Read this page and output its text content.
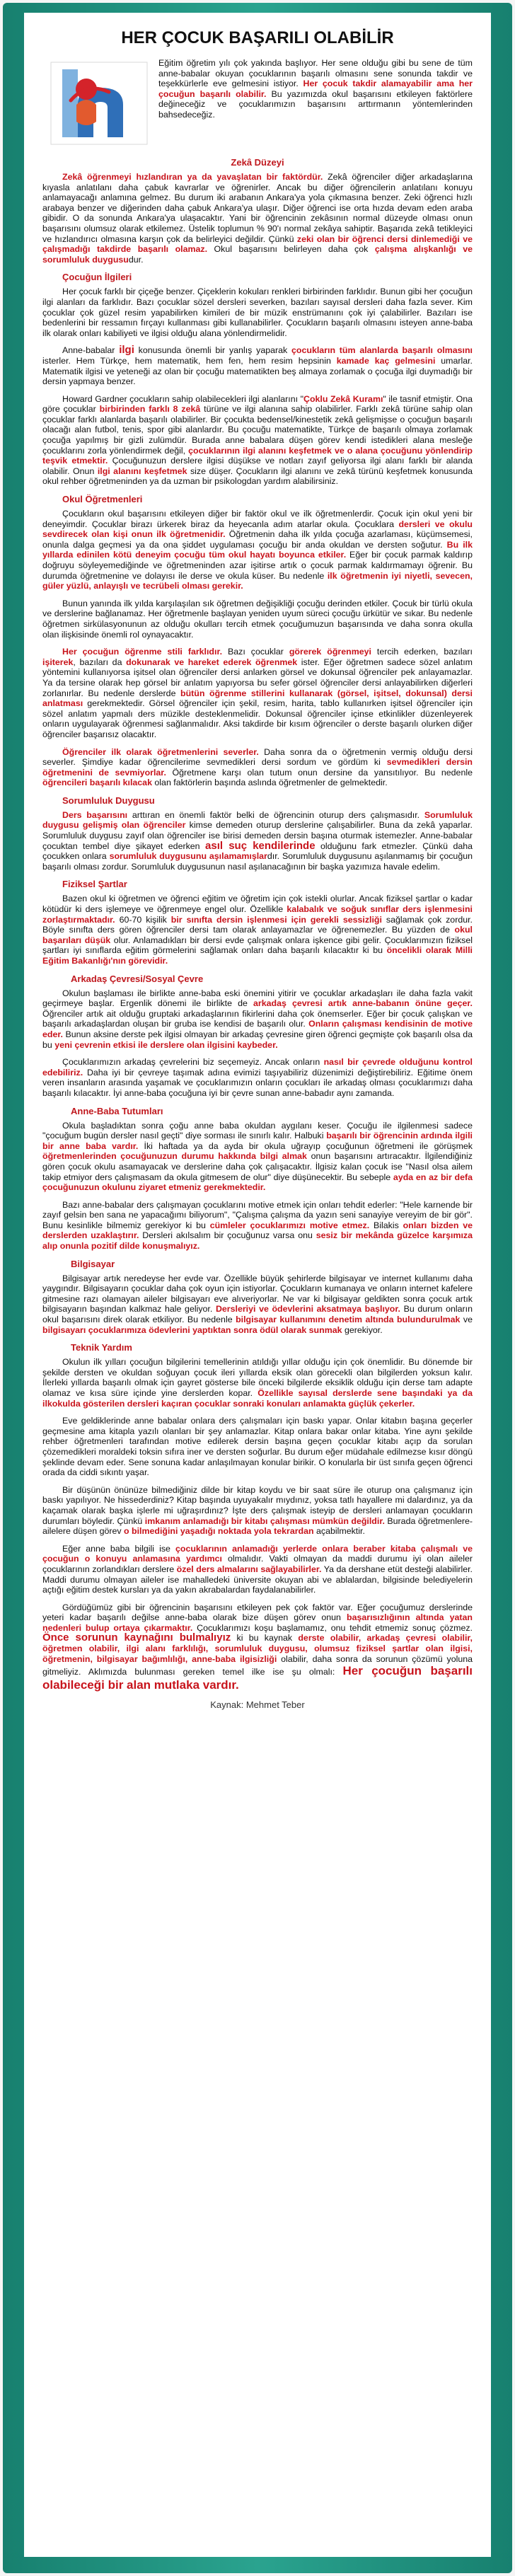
HER ÇOCUK BAŞARILI OLABİLİR

Eğitim öğretim yılı çok yakında başlıyor. Her sene olduğu gibi bu sene de tüm anne-babalar okuyan çocuklarının başarılı olmasını sene sonunda takdir ve teşekkürlerle eve gelmesini istiyor. Her çocuk takdir alamayabilir ama her çocuğun başarılı olabilir. Bu yazımızda okul başarısını etkileyen faktörlere değineceğiz ve çocuklarımızın başarısını arttırmanın yöntemlerinden bahsedeceğiz.

Zekâ Düzeyi

Zekâ öğrenmeyi hızlandıran ya da yavaşlatan bir faktördür. Zekâ öğrenciler diğer arkadaşlarına kıyasla anlatılanı daha çabuk kavrarlar ve öğrenirler. Ancak bu diğer öğrencilerin anlatılanı konuyu anlamayacağı anlamına gelmez. Bu durum iki arabanın Ankara'ya yola çıkmasına benzer. Zeki öğrenci hızlı arabaya benzer ve diğerinden daha çabuk Ankara'ya ulaşır. Diğer öğrenci ise orta hızda devam eden araba gibidir. O da sonunda Ankara'ya ulaşacaktır. Yani bir öğrencinin zekâsının normal düzeyde olması onun başarısını olumsuz olarak etkilemez. Üstelik toplumun % 90'ı normal zekâya sahiptir. Başarıda zekâ tetikleyici ve hızlandırıcı olmasına karşın çok da belirleyici değildir. Çünkü zeki olan bir öğrenci dersi dinlemediği ve çalışmadığı takdirde başarılı olamaz. Okul başarısını belirleyen daha çok çalışma alışkanlığı ve sorumluluk duygusudur.

Çocuğun İlgileri

Her çocuk farklı bir çiçeğe benzer. Çiçeklerin kokuları renkleri birbirinden farklıdır. Bunun gibi her çocuğun ilgi alanları da farklıdır. Bazı çocuklar sözel dersleri severken, bazıları sayısal dersleri daha fazla sever. Kim çocuklar çok güzel resim yapabilirken kimileri de bir müzik enstrümanını çok iyi çalabilirler. Bazıları ise bedenlerini bir ressamın fırçayı kullanması gibi kullanabilirler. Çocukların başarılı olmasını isteyen anne-baba ilk olarak onları kabiliyeti ve ilgisi olduğu alana yönlendirmelidir.

Anne-babalar ilgi konusunda önemli bir yanlış yaparak çocukların tüm alanlarda başarılı olmasını isterler. Hem Türkçe, hem matematik, hem fen, hem resim hepsinin kamade kaç gelmesini umarlar. Matematik ilgisi ve yeteneği az olan bir çocuğu matematikten beş almaya zorlamak o çocuğa ilgi duymadığı bir dersin yapmaya benzer.

Howard Gardner çocukların sahip olabilecekleri ilgi alanlarını "Çoklu Zekâ Kuramı" ile tasnif etmiştir. Ona göre çocuklar birbirinden farklı 8 zekâ türüne ve ilgi alanına sahip olabilirler. Farklı zekâ türüne sahip olan çocuklar farklı alanlarda başarılı olabilirler. Bir çocukta bedensel/kinestetik zekâ gelişmişse o çocuğun başarılı olacağı alan futbol, tenis, spor gibi alanlardır. Bu çocuğu matematikte, Türkçe de başarılı olmaya zorlamak çocuğa yapılmış bir gizli zulümdür. Burada anne babalara düşen görev kendi istedikleri alana mesleğe çocuklarını zorla yönlendirmek değil, çocuklarının ilgi alanını keşfetmek ve o alana çocuğunu yönlendirip teşvik etmektir. Çocuğunuzun derslere ilgisi düşükse ve notları zayıf geliyorsa ilgi alanı farklı bir alanda olabilir. Onun ilgi alanını keşfetmek size düşer. Çocukların ilgi alanını ve zekâ türünü keşfetmek konusunda okul rehber öğretmeninden ya da uzman bir psikologdan yardım alabilirsiniz.

Okul Öğretmenleri

Çocukların okul başarısını etkileyen diğer bir faktör okul ve ilk öğretmenlerdir. Çocuk için okul yeni bir deneyimdir. Çocuklar birazı ürkerek biraz da heyecanla adım atarlar okula. Çocuklara dersleri ve okulu sevdirecek olan kişi onun ilk öğretmenidir. Öğretmenin daha ilk yılda çocuğa azarlaması, küçümsemesi, onunla dalga geçmesi ya da ona şiddet uygulaması çocuğu bir anda okuldan ve dersten soğutur. Bu ilk yıllarda edinilen kötü deneyim çocuğu tüm okul hayatı boyunca etkiler. Eğer bir çocuk parmak kaldırıp doğruyu söyleyemediğinde ve öğretmeninden azar işitirse artık o çocuk parmak kaldırmamayı öğrenir. Bu durumda öğretmenine ve dolayısı ile derse ve okula küser. Bu nedenle ilk öğretmenin iyi niyetli, sevecen, güler yüzlü, anlayışlı ve tecrübeli olması gerekir.

Bunun yanında ilk yılda karşılaşılan sık öğretmen değişikliği çocuğu derinden etkiler. Çocuk bir türlü okula ve derslerine bağlanamaz. Her öğretmenle başlayan yeniden uyum süreci çocuğu ürkütür ve sıkar. Bu nedenle öğretmen sirkülasyonunun az olduğu okulları tercih etmek çocuğumuzun başarısında ve daha sonra okulla olan ilişkisinde önemli rol oynayacaktır.

Her çocuğun öğrenme stili farklıdır. Bazı çocuklar görerek öğrenmeyi tercih ederken, bazıları işiterek, bazıları da dokunarak ve hareket ederek öğrenmek ister. Eğer öğretmen sadece sözel anlatım yöntemini kullanıyorsa işitsel olan öğrenciler dersi anlarken görsel ve dokunsal öğrenciler pek anlayamazlar. Ya da tersine olarak hep görsel bir anlatım yapıyorsa bu sefer görsel öğrenciler dersi anlayabilirken diğerleri zorlanırlar. Bu nedenle derslerde bütün öğrenme stillerini kullanarak (görsel, işitsel, dokunsal) dersi anlatması gerekmektedir. Görsel öğrenciler için şekil, resim, harita, tablo kullanırken işitsel öğrenciler için sözel anlatım yapmalı ders müzikle desteklenmelidir. Dokunsal öğrenciler içinse etkinlikler düzenleyerek onların uygulayarak öğrenmesi sağlanmalıdır. Aksi takdirde bir kısım öğrenciler o derste başarılı olurken diğer öğrenciler başarısız olacaktır.

Öğrenciler ilk olarak öğretmenlerini severler. Daha sonra da o öğretmenin vermiş olduğu dersi severler. Şimdiye kadar öğrencilerime sevmedikleri dersi sordum ve gördüm ki sevmedikleri dersin öğretmenini de sevmiyorlar. Öğretmene karşı olan tutum onun dersine da yansıtılıyor. Bu nedenle öğrencileri başarılı kılacak olan faktörlerin başında aslında öğretmenler de gelmektedir.

Sorumluluk Duygusu

Ders başarısını arttıran en önemli faktör belki de öğrencinin oturup ders çalışmasıdır. Sorumluluk duygusu gelişmiş olan öğrenciler kimse demeden oturup derslerine çalışabilirler. Buna da zekâ yaparlar. Sorumluluk duygusu zayıf olan öğrenciler ise birisi demeden dersin başına oturmak istemezler. Anne-babalar çocuktan tembel diye şikayet ederken asıl suç kendilerinde olduğunu fark etmezler. Çünkü daha çocukken onlara sorumluluk duygusunu aşılamamışlardır. Sorumluluk duygusunu aşılanmamış bir çocuğun başarılı olması zordur. Sorumluluk duygusunun nasıl aşılanacağının bir başka yazımıza havale edelim.

Fiziksel Şartlar

Bazen okul ki öğretmen ve öğrenci eğitim ve öğretim için çok istekli olurlar. Ancak fiziksel şartlar o kadar kötüdür ki ders işlemeye ve öğrenmeye engel olur. Özellikle kalabalık ve soğuk sınıflar ders işlenmesini zorlaştırmaktadır. 60-70 kişilik bir sınıfta dersin işlenmesi için gerekli sessizliği sağlamak çok zordur. Böyle sınıfta ders gören öğrenciler dersi tam olarak anlayamazlar ve öğrenemezler. Bu yüzden de okul başarıları düşük olur. Anlamadıkları bir dersi evde çalışmak onlara işkence gibi gelir. Çocuklarımızın fiziksel şartları iyi sınıflarda eğitim görmelerini sağlamak onları daha başarılı kılacaktır ki bu öncelikli olarak Milli Eğitim Bakanlığı'nın görevidir.

Arkadaş Çevresi/Sosyal Çevre

Okulun başlaması ile birlikte anne-baba eski önemini yitirir ve çocuklar arkadaşları ile daha fazla vakit geçirmeye başlar. Ergenlik dönemi ile birlikte de arkadaş çevresi artık anne-babanın önüne geçer. Öğrenciler artık ait olduğu gruptaki arkadaşlarının fikirlerini daha çok önemserler. Eğer bir çocuk çalışkan ve başarılı arkadaşlardan oluşan bir gruba ise kendisi de başarılı olur. Onların çalışması kendisinin de motive eder. Bunun aksine derste pek ilgisi olmayan bir arkadaş çevresine giren öğrenci geçmişte çok başarılı olsa da bu yeni çevrenin etkisi ile derslere olan ilgisini kaybeder.

Çocuklarımızın arkadaş çevrelerini biz seçemeyiz. Ancak onların nasıl bir çevrede olduğunu kontrol edebiliriz. Daha iyi bir çevreye taşımak adına evimizi taşıyabiliriz düzenimizi değiştirebiliriz. Eğitime önem veren insanların arasında yaşamak ve çocuklarımızın onların çocukları ile arkadaş olması çocuklarımızı daha başarılı kılacaktır. İyi anne-baba çocuğuna iyi bir çevre sunan anne-babadır aynı zamanda.

Anne-Baba Tutumları

Okula başladıktan sonra çoğu anne baba okuldan aygılanı keser. Çocuğu ile ilgilenmesi sadece "çocuğum bugün dersler nasıl geçti" diye sorması ile sınırlı kalır. Halbuki başarılı bir öğrencinin ardında ilgili bir anne baba vardır. İki haftada ya da ayda bir okula uğrayıp çocuğunun öğretmeni ile görüşmek öğretmenlerinden çocuğunuzun durumu hakkında bilgi almak onun başarısını artıracaktır. İlgilendiğiniz gören çocuk okulu asamayacak ve derslerine daha çok çalışacaktır. İlgisiz kalan çocuk ise "Nasıl olsa ailem takip etmiyor ders çalışmasam da okula gitmesem de olur" diye düşünecektir. Bu sebeple ayda en az bir defa çocuğunuzun okulunu ziyaret etmeniz gerekmektedir.

Bazı anne-babalar ders çalışmayan çocuklarını motive etmek için onları tehdit ederler: "Hele karnende bir zayıf gelsin ben sana ne yapacağımı biliyorum", "Çalışma çalışma da yazın seni sanayiye vereyim de bir gör". Bunu kesinlikle bilmemiz gerekiyor ki bu cümleler çocuklarımızı motive etmez. Bilakis onları bizden ve derslerden uzaklaştırır. Dersleri akılsalım bir çocuğunuz varsa onu sesiz bir mekânda güzelce karşımıza alıp onunla pozitif dilde konuşmalıyız.

Bilgisayar

Bilgisayar artık neredeyse her evde var. Özellikle büyük şehirlerde bilgisayar ve internet kullanımı daha yaygındır. Bilgisayarın çocuklar daha çok oyun için istiyorlar. Çocukların kumanaya ve onların internet kafelere gitmesine razı olamayan aileler bilgisayarı eve alıveriyorlar. Ne var ki bilgisayar geldikten sonra çocuk artık bilgisayarın başından kalkmaz hale geliyor. Dersleriyi ve ödevlerini aksatmaya başlıyor. Bu durum onların okul başarısını direk olarak etkiliyor. Bu nedenle bilgisayar kullanımını denetim altında bulundurulmak ve bilgisayarı çocuklarımıza ödevlerini yaptıktan sonra ödül olarak sunmak gerekiyor.

Teknik Yardım

Okulun ilk yılları çocuğun bilgilerini temellerinin atıldığı yıllar olduğu için çok önemlidir. Bu dönemde bir şekilde dersten ve okuldan soğuyan çocuk ileri yıllarda eksik olan görecekli olan bilgilerden yoksun kalır. İlerleki yıllarda başarılı olmak için gayret gösterse bile önceki bilgilerde eksiklik olduğu için derse tam adapte olamaz ve kısa süre içinde yine derslerden kopar. Özellikle sayısal derslerde sene başındaki ya da ilkokulda gösterilen dersleri kaçıran çocuklar sonraki konuları anlamakta güçlük çekerler.

Eve geldiklerinde anne babalar onlara ders çalışmaları için baskı yapar. Onlar kitabın başına geçerler geçmesine ama kitapla yazılı olanları bir şey anlamazlar. Kitap onlara bakar onlar kitaba. Yine aynı şekilde rehber öğretmenleri tarafından motive edilerek dersin başına geçen çocuklar kitabı açıp da sorulan çözemedikleri moraldeki toksin sıfıra iner ve dersten soğurlar. Bu durum eğer müdahale edilmezse kısır döngü şeklinde devam eder. Sene sonuna kadar anlaşılmayan konular birikir. O konularla bir üst sınıfa geçen öğrenci orada da ciddi sıkıntı yaşar.

Bir düşünün önünüze bilmediğiniz dilde bir kitap koydu ve bir saat süre ile oturup ona çalışmanız için baskı yapılıyor. Ne hissederdiniz? Kitap başında uyuyakalır mıydınız, yoksa tatlı hayallere mi dalardınız, ya da kaçamak olarak başka işlerle mi uğraşırdınız? İşte ders çalışmak isteyip de dersleri anlamayan çocukların durumları böyledir. Çünkü imkanım anlamadığı bir kitabı çalışması mümkün değildir. Burada öğretmenlere-ailelere düşen görev o bilmediğini yaşadığı noktada yola tekrardan açabilmektir.

Eğer anne baba bilgili ise çocuklarının anlamadığı yerlerde onlara beraber kitaba çalışmalı ve çocuğun o konuyu anlamasına yardımcı olmalıdır. Vakti olmayan da maddi durumu iyi olan aileler çocuklarının zorlandıkları derslere özel ders almalarını sağlayabilirler. Ya da dershane etüt desteği alabilirler. Maddi durumu olmayan aileler ise mahalledeki üniversite okuyan abi ve ablalardan, bilgisinde belediyelerin açtığı eğitim destek kursları ya da yakın akrabalardan faydalanabilirler.

Gördüğümüz gibi bir öğrencinin başarısını etkileyen pek çok faktör var. Eğer çocuğumuz derslerinde yeteri kadar başarılı değilse anne-baba olarak bize düşen görev onun başarısızlığının altında yatan nedenleri bulup ortaya çıkarmaktır. Çocuklarımızı koşu başlamamız, onu tehdit etmemiz sonuç çözmez. Önce sorunun kaynağını bulmalıyız ki bu kaynak derste olabilir, arkadaş çevresi olabilir, öğretmen olabilir, ilgi alanı farklılığı, sorumluluk duygusu, olumsuz fiziksel şartlar olan ilgisi, öğretmenin, bilgisayar bağımlılığı, anne-baba ilgisizliği olabilir, daha sonra da sorunun çözümü yoluna gitmeliyiz. Aklımızda bulunması gereken temel ilke ise şu olmalı: Her çocuğun başarılı olabileceği bir alan mutlaka vardır.

Kaynak: Mehmet Teber
